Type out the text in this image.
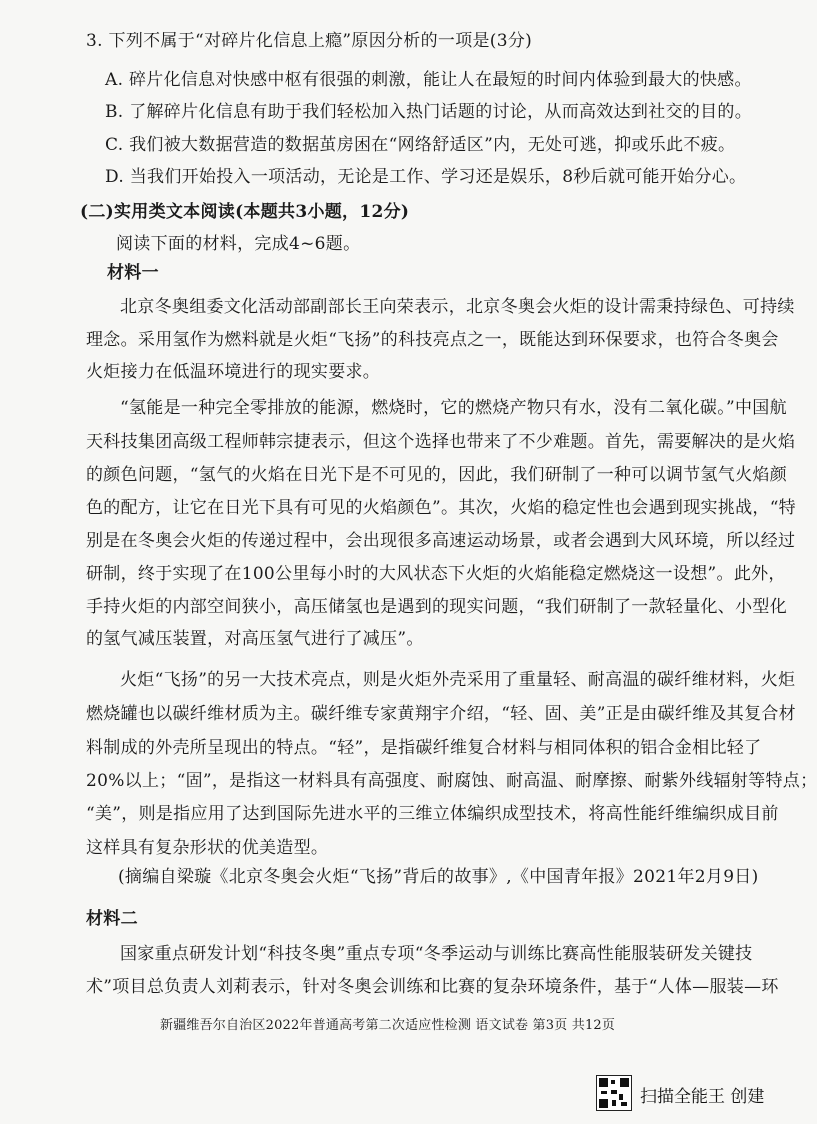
3. 下列不属于“对碎片化信息上瘾”原因分析的一项是(3分)
A. 碎片化信息对快感中枢有很强的刺激，能让人在最短的时间内体验到最大的快感。
B. 了解碎片化信息有助于我们轻松加入热门话题的讨论，从而高效达到社交的目的。
C. 我们被大数据营造的数据茧房困在“网络舒适区”内，无处可逃，抑或乐此不疲。
D. 当我们开始投入一项活动，无论是工作、学习还是娱乐，8秒后就可能开始分心。
(二)实用类文本阅读(本题共3小题，12分)
阅读下面的材料，完成4~6题。
材料一
北京冬奥组委文化活动部副部长王向荣表示，北京冬奥会火炬的设计需秉持绿色、可持续
理念。采用氢作为燃料就是火炬“飞扬”的科技亮点之一，既能达到环保要求，也符合冬奥会
火炬接力在低温环境进行的现实要求。
“氢能是一种完全零排放的能源，燃烧时，它的燃烧产物只有水，没有二氧化碳。”中国航
天科技集团高级工程师韩宗捷表示，但这个选择也带来了不少难题。首先，需要解决的是火焰
的颜色问题，“氢气的火焰在日光下是不可见的，因此，我们研制了一种可以调节氢气火焰颜
色的配方，让它在日光下具有可见的火焰颜色”。其次，火焰的稳定性也会遇到现实挑战，“特
别是在冬奥会火炬的传递过程中，会出现很多高速运动场景，或者会遇到大风环境，所以经过
研制，终于实现了在100公里每小时的大风状态下火炬的火焰能稳定燃烧这一设想”。此外，
手持火炬的内部空间狭小，高压储氢也是遇到的现实问题，“我们研制了一款轻量化、小型化
的氢气减压装置，对高压氢气进行了减压”。
火炬“飞扬”的另一大技术亮点，则是火炬外壳采用了重量轻、耐高温的碳纤维材料，火炬
燃烧罐也以碳纤维材质为主。碳纤维专家黄翔宇介绍，“轻、固、美”正是由碳纤维及其复合材
料制成的外壳所呈现出的特点。“轻”，是指碳纤维复合材料与相同体积的铝合金相比轻了
20%以上；“固”，是指这一材料具有高强度、耐腐蚀、耐高温、耐摩擦、耐紫外线辐射等特点；
“美”，则是指应用了达到国际先进水平的三维立体编织成型技术，将高性能纤维编织成目前
这样具有复杂形状的优美造型。
(摘编自梁璇《北京冬奥会火炬“飞扬”背后的故事》,《中国青年报》2021年2月9日)
材料二
国家重点研发计划“科技冬奥”重点专项“冬季运动与训练比赛高性能服装研发关键技
术”项目总负责人刘莉表示，针对冬奥会训练和比赛的复杂环境条件，基于“人体—服装—环
新疆维吾尔自治区2022年普通高考第二次适应性检测 语文试卷 第3页 共12页
扫描全能王 创建
